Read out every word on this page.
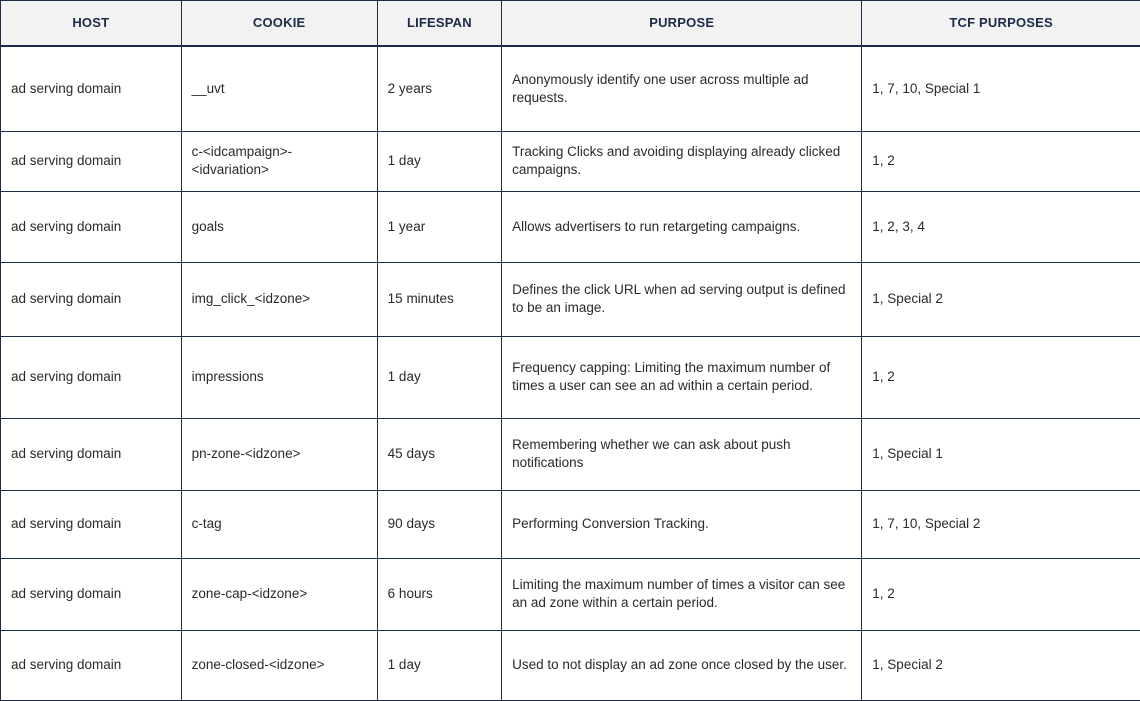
HOST	COOKIE	LIFESPAN	PURPOSE	TCF PURPOSES
ad serving domain	__uvt	2 years	Anonymously identify one user across multiple ad requests.	1, 7, 10, Special 1
ad serving domain	c-<idcampaign>-<idvariation>	1 day	Tracking Clicks and avoiding displaying already clicked campaigns.	1, 2
ad serving domain	goals	1 year	Allows advertisers to run retargeting campaigns.	1, 2, 3, 4
ad serving domain	img_click_<idzone>	15 minutes	Defines the click URL when ad serving output is defined to be an image.	1, Special 2
ad serving domain	impressions	1 day	Frequency capping: Limiting the maximum number of times a user can see an ad within a certain period.	1, 2
ad serving domain	pn-zone-<idzone>	45 days	Remembering whether we can ask about push notifications	1, Special 1
ad serving domain	c-tag	90 days	Performing Conversion Tracking.	1, 7, 10, Special 2
ad serving domain	zone-cap-<idzone>	6 hours	Limiting the maximum number of times a visitor can see an ad zone within a certain period.	1, 2
ad serving domain	zone-closed-<idzone>	1 day	Used to not display an ad zone once closed by the user.	1, Special 2
